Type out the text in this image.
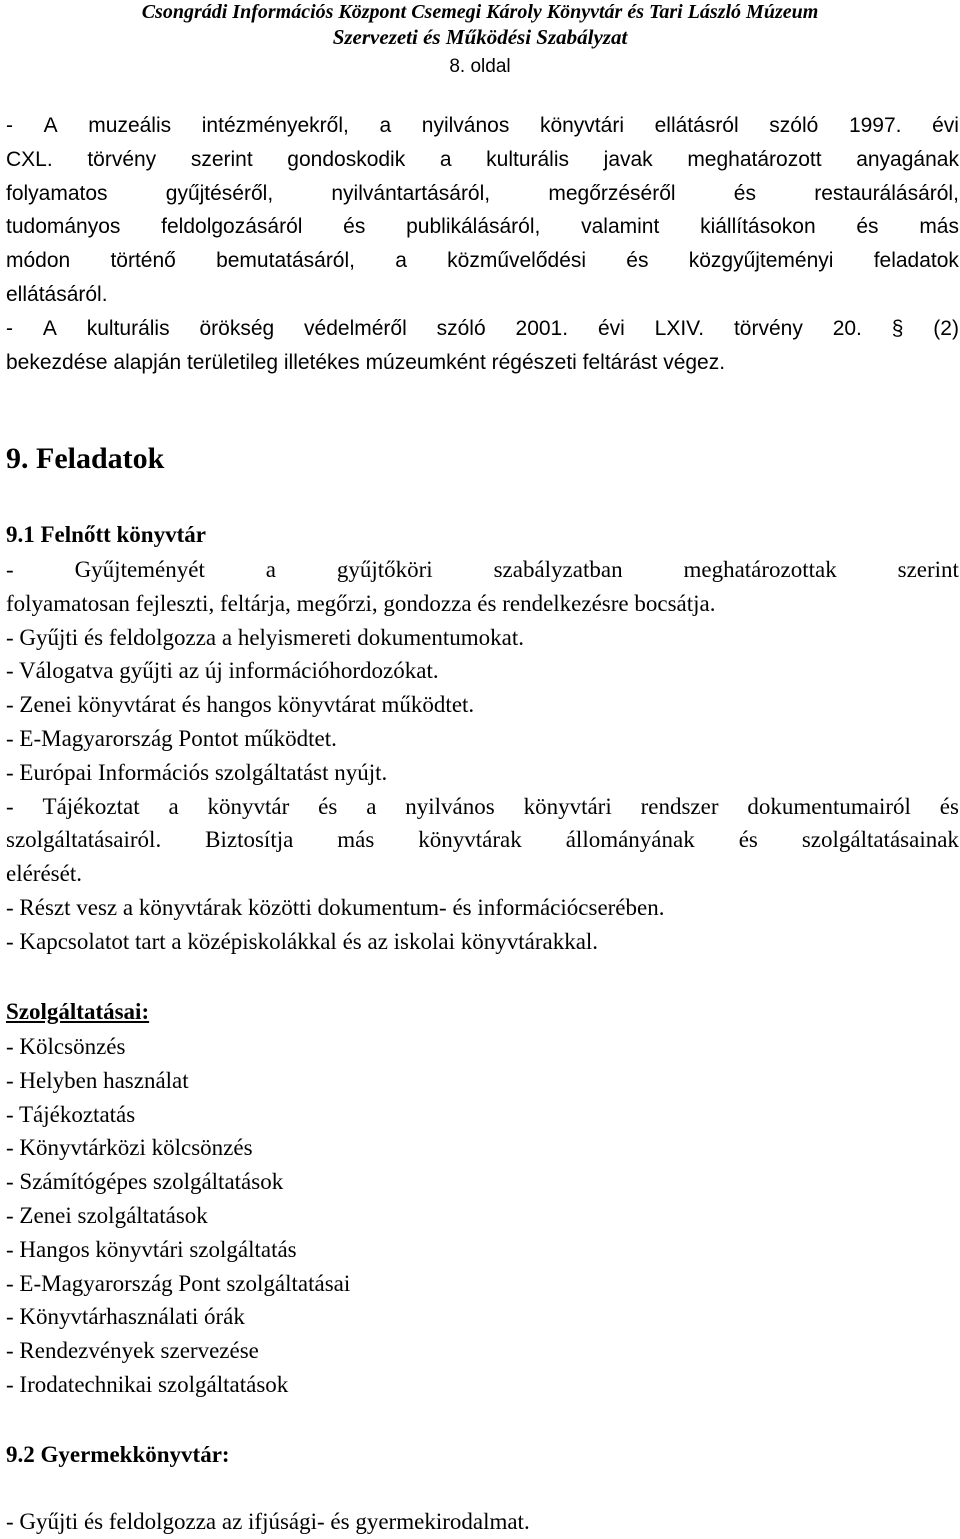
Csongrádi Információs Központ Csemegi Károly Könyvtár és Tari László Múzeum
Szervezeti és Működési Szabályzat
8. oldal
- A muzeális intézményekről, a nyilvános könyvtári ellátásról szóló 1997. évi
CXL. törvény szerint gondoskodik a kulturális javak meghatározott anyagának
folyamatos	gyűjtéséről,	nyilvántartásáról,	megőrzéséről	és	restaurálásáról,
tudományos feldolgozásáról és publikálásáról, valamint kiállításokon és más
módon történő bemutatásáról, a közművelődési és közgyűjteményi feladatok
ellátásáról.
- A kulturális örökség védelméről szóló 2001. évi LXIV. törvény 20. § (2)
bekezdése alapján területileg illetékes múzeumként régészeti feltárást végez.
9. Feladatok
9.1 Felnőtt könyvtár
-	Gyűjteményét	a	gyűjtőköri	szabályzatban	meghatározottak	szerint
folyamatosan fejleszti, feltárja, megőrzi, gondozza és rendelkezésre bocsátja.
- Gyűjti és feldolgozza a helyismereti dokumentumokat.
- Válogatva gyűjti az új információhordozókat.
- Zenei könyvtárat és hangos könyvtárat működtet.
- E-Magyarország Pontot működtet.
- Európai Információs szolgáltatást nyújt.
- Tájékoztat a könyvtár és a nyilvános könyvtári rendszer dokumentumairól és
szolgáltatásairól. Biztosítja más könyvtárak állományának és szolgáltatásainak
elérését.
- Részt vesz a könyvtárak közötti dokumentum- és információcserében.
- Kapcsolatot tart a középiskolákkal és az iskolai könyvtárakkal.
Szolgáltatásai:
- Kölcsönzés
- Helyben használat
- Tájékoztatás
- Könyvtárközi kölcsönzés
- Számítógépes szolgáltatások
- Zenei szolgáltatások
- Hangos könyvtári szolgáltatás
- E-Magyarország Pont szolgáltatásai
- Könyvtárhasználati órák
- Rendezvények szervezése
- Irodatechnikai szolgáltatások
9.2 Gyermekkönyvtár:
- Gyűjti és feldolgozza az ifjúsági- és gyermekirodalmat.
